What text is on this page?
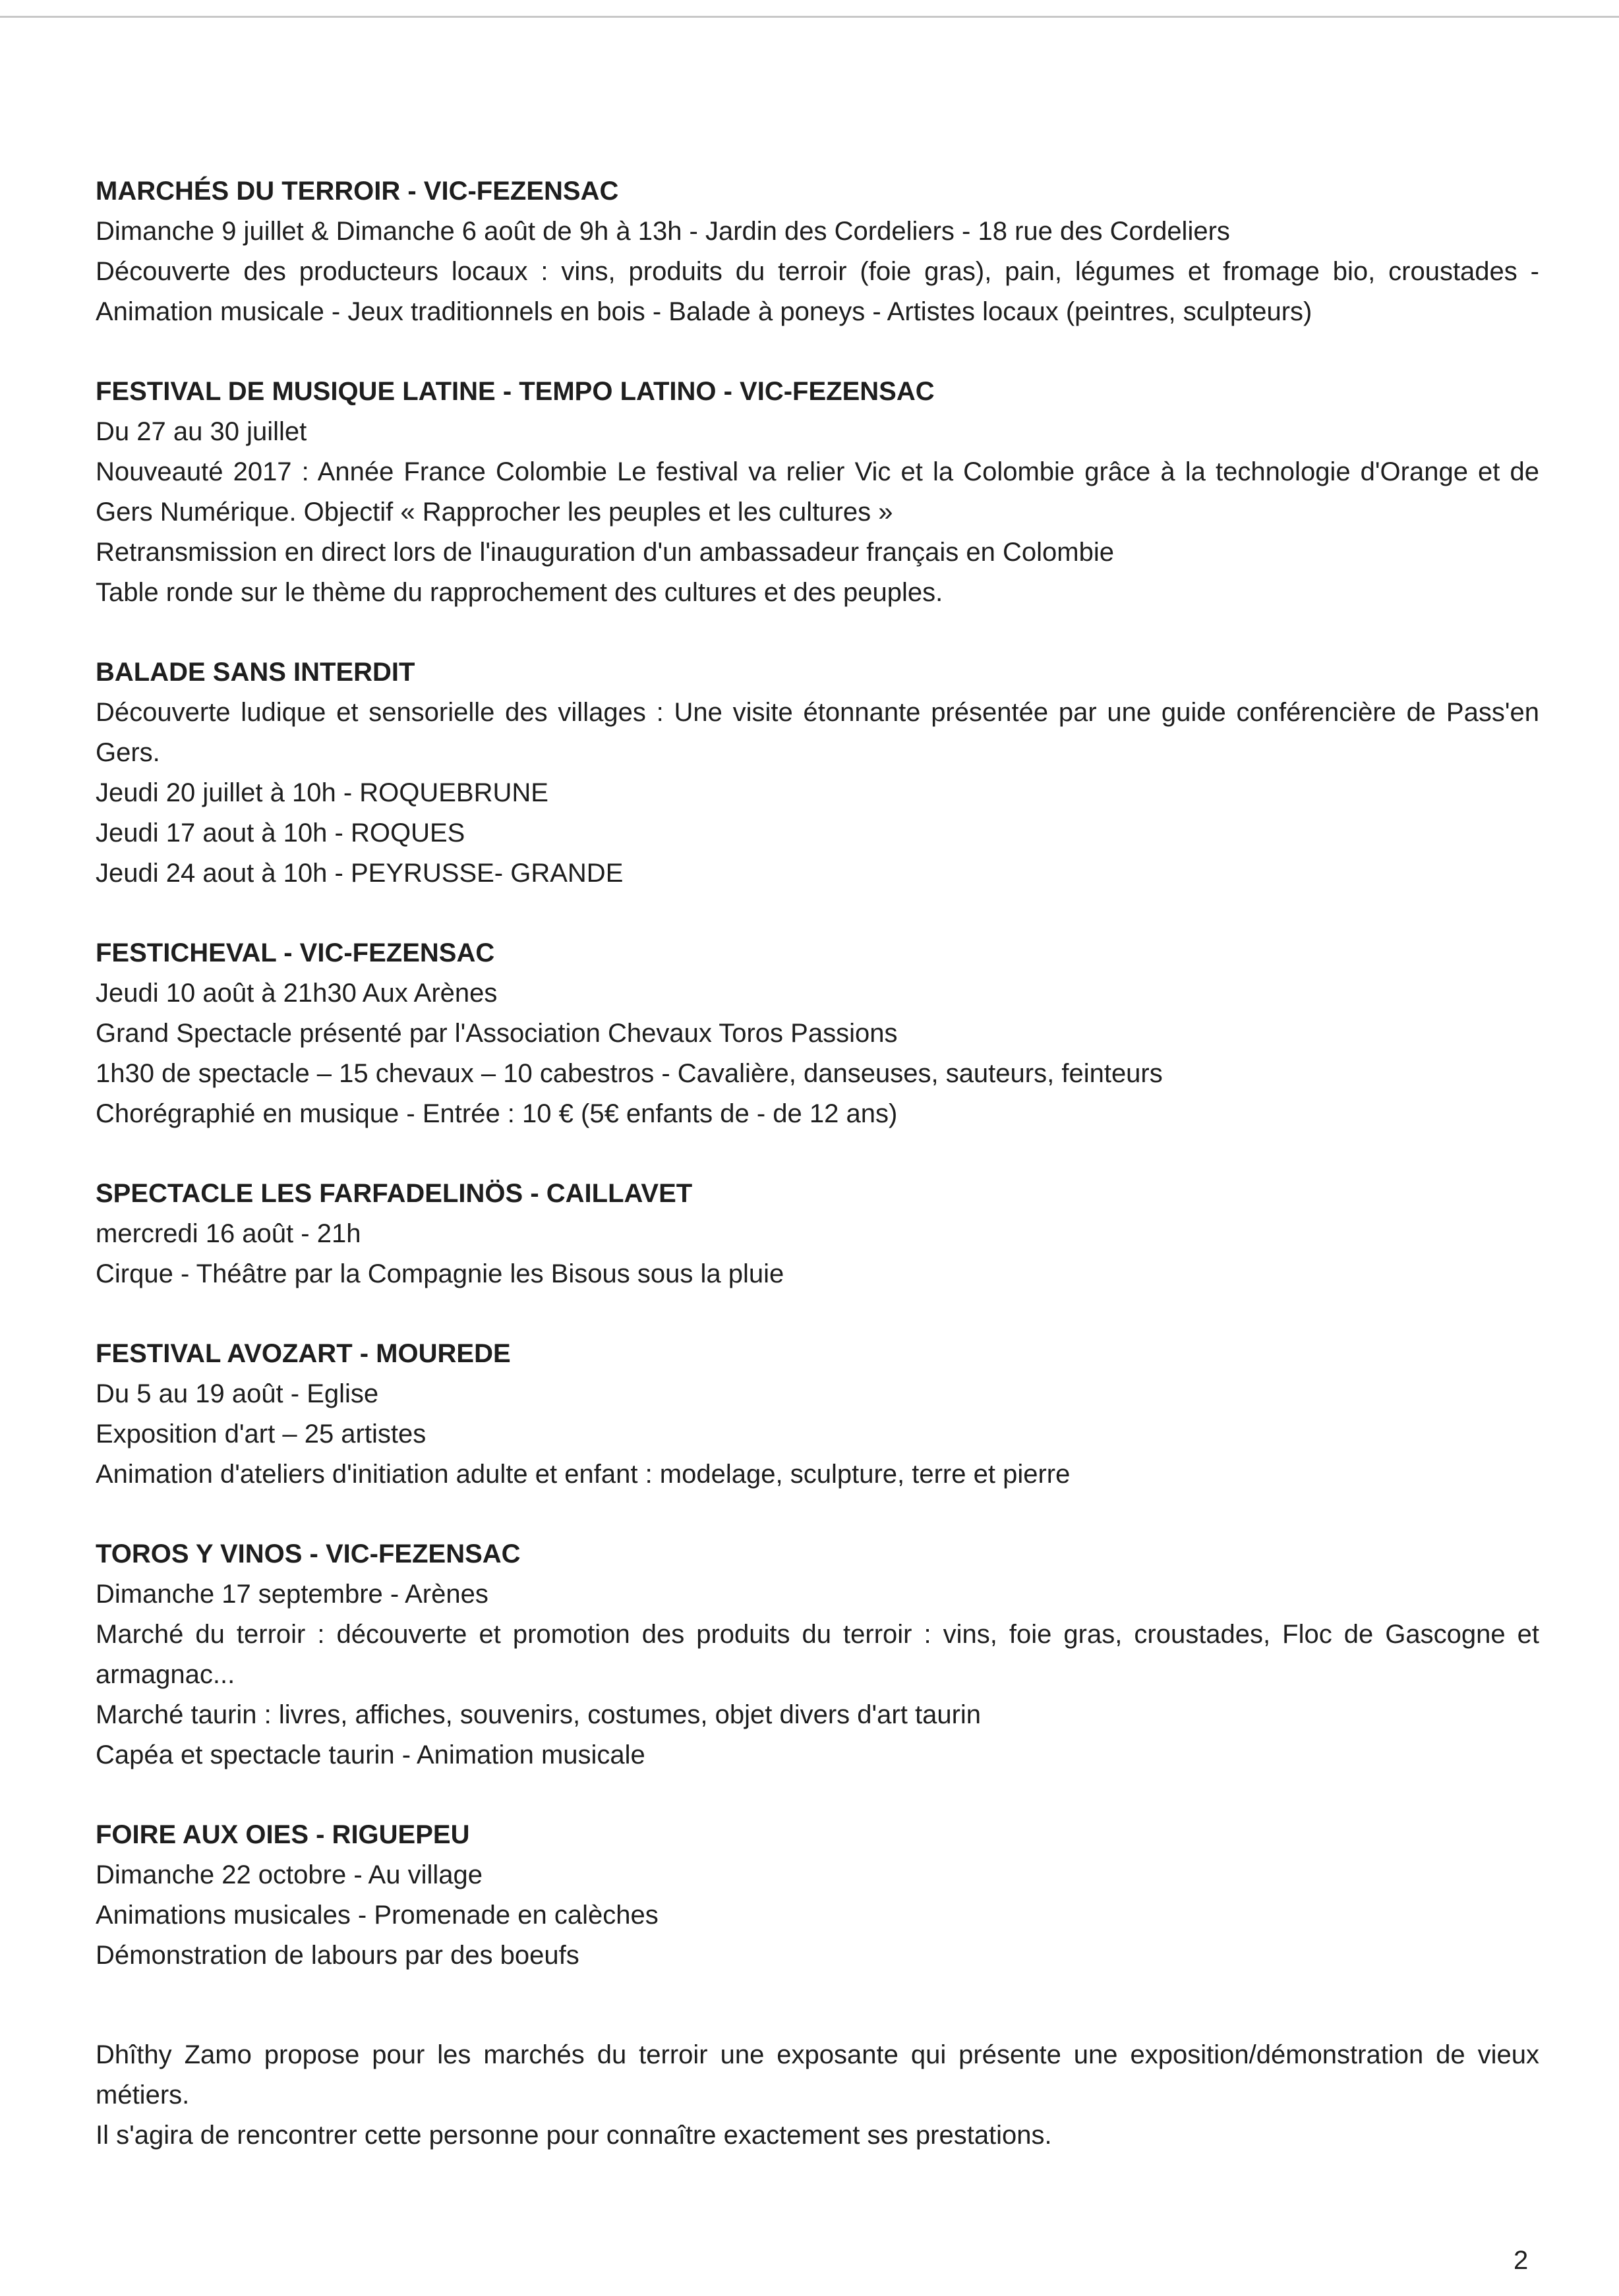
MARCHÉS DU TERROIR - VIC-FEZENSAC
Dimanche 9 juillet & Dimanche 6 août de 9h à 13h - Jardin des Cordeliers - 18 rue des Cordeliers
Découverte des producteurs locaux : vins, produits du terroir (foie gras), pain, légumes et fromage bio, croustades - Animation musicale - Jeux traditionnels en bois - Balade à poneys - Artistes locaux (peintres, sculpteurs)
FESTIVAL DE MUSIQUE LATINE - TEMPO LATINO - VIC-FEZENSAC
Du 27 au 30 juillet
Nouveauté 2017 : Année France Colombie Le festival va relier Vic et la Colombie grâce à la technologie d'Orange et de Gers Numérique. Objectif « Rapprocher les peuples et les cultures »
Retransmission en direct lors de l'inauguration d'un ambassadeur français en Colombie
Table ronde sur le thème du rapprochement des cultures et des peuples.
BALADE SANS INTERDIT
Découverte ludique et sensorielle des villages : Une visite étonnante présentée par une guide conférencière de Pass'en Gers.
Jeudi 20 juillet à 10h - ROQUEBRUNE
Jeudi 17 aout à 10h - ROQUES
Jeudi 24 aout à 10h - PEYRUSSE- GRANDE
FESTICHEVAL - VIC-FEZENSAC
Jeudi 10 août à 21h30 Aux Arènes
Grand Spectacle présenté par l'Association Chevaux Toros Passions
1h30 de spectacle – 15 chevaux – 10 cabestros - Cavalière, danseuses, sauteurs, feinteurs
Chorégraphié en musique - Entrée : 10 € (5€ enfants de - de 12 ans)
SPECTACLE LES FARFADELINÖS - CAILLAVET
mercredi 16 août - 21h
Cirque - Théâtre par la Compagnie les Bisous sous la pluie
FESTIVAL AVOZART - MOUREDE
Du 5 au 19 août - Eglise
Exposition d'art – 25 artistes
Animation d'ateliers d'initiation adulte et enfant : modelage, sculpture, terre et pierre
TOROS Y VINOS - VIC-FEZENSAC
Dimanche 17 septembre - Arènes
Marché du terroir : découverte et promotion des produits du terroir : vins, foie gras, croustades, Floc de Gascogne et armagnac...
Marché taurin : livres, affiches, souvenirs, costumes, objet divers d'art taurin
Capéa et spectacle taurin - Animation musicale
FOIRE AUX OIES - RIGUEPEU
Dimanche 22 octobre - Au village
Animations musicales - Promenade en calèches
Démonstration de labours par des boeufs
Dhîthy Zamo propose pour les marchés du terroir une exposante qui présente une exposition/démonstration de vieux métiers.
Il s'agira de rencontrer cette personne pour connaître exactement ses prestations.
2
